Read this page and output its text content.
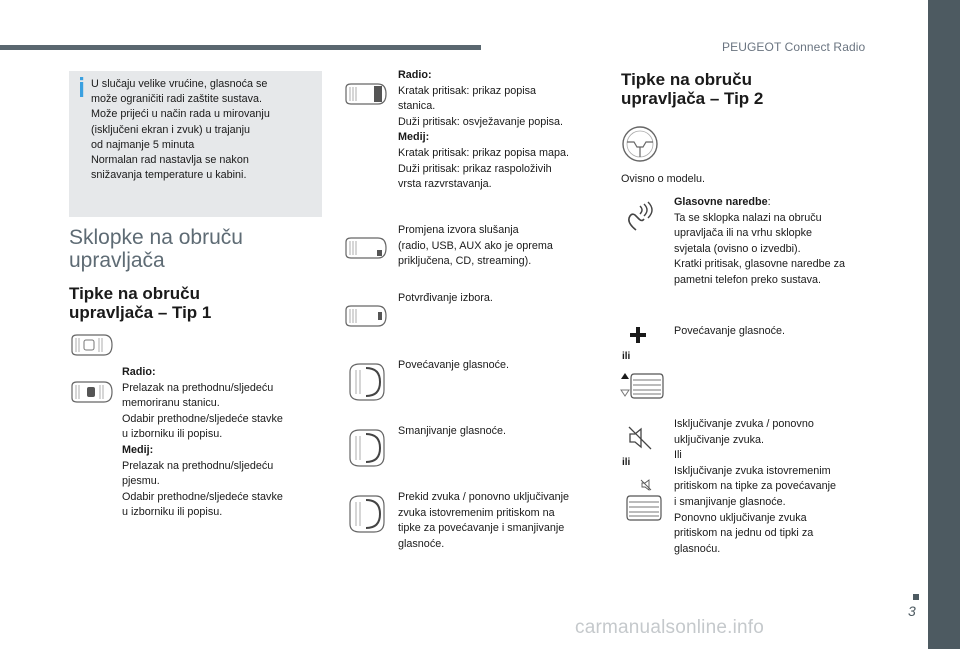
PEUGEOT Connect Radio

U slučaju velike vrućine, glasnoća se

može ograničiti radi zaštite sustava.

Može prijeći u način rada u mirovanju

(isključeni ekran i zvuk) u trajanju

od najmanje 5 minuta

Normalan rad nastavlja se nakon

snižavanja temperature u kabini.

Sklopke na obruču

upravljača

Tipke na obruču

upravljača – Tip 1

Radio:

Prelazak na prethodnu/sljedeću

memoriranu stanicu.

Odabir prethodne/sljedeće stavke

u izborniku ili popisu.

Medij:

Prelazak na prethodnu/sljedeću

pjesmu.

Odabir prethodne/sljedeće stavke

u izborniku ili popisu.

Radio:

Kratak pritisak: prikaz popisa

stanica.

Duži pritisak: osvježavanje popisa.

Medij:

Kratak pritisak: prikaz popisa mapa.

Duži pritisak: prikaz raspoloživih

vrsta razvrstavanja.

Promjena izvora slušanja

(radio, USB, AUX ako je oprema

priključena, CD, streaming).

Potvrđivanje izbora.
Povećavanje glasnoće.
Smanjivanje glasnoće.

Prekid zvuka / ponovno uključivanje

zvuka istovremenim pritiskom na

tipke za povećavanje i smanjivanje

glasnoće.

Tipke na obruču

upravljača – Tip 2

Ovisno o modelu.

Glasovne naredbe:

Ta se sklopka nalazi na obruču

upravljača ili na vrhu sklopke

svjetala (ovisno o izvedbi).

Kratki pritisak, glasovne naredbe za

pametni telefon preko sustava.

Povećavanje glasnoće.
ili
ili

Isključivanje zvuka / ponovno

uključivanje zvuka.

Ili

Isključivanje zvuka istovremenim

pritiskom na tipke za povećavanje

i smanjivanje glasnoće.

Ponovno uključivanje zvuka

pritiskom na jednu od tipki za

glasnoću.

3
carmanualsonline.info
